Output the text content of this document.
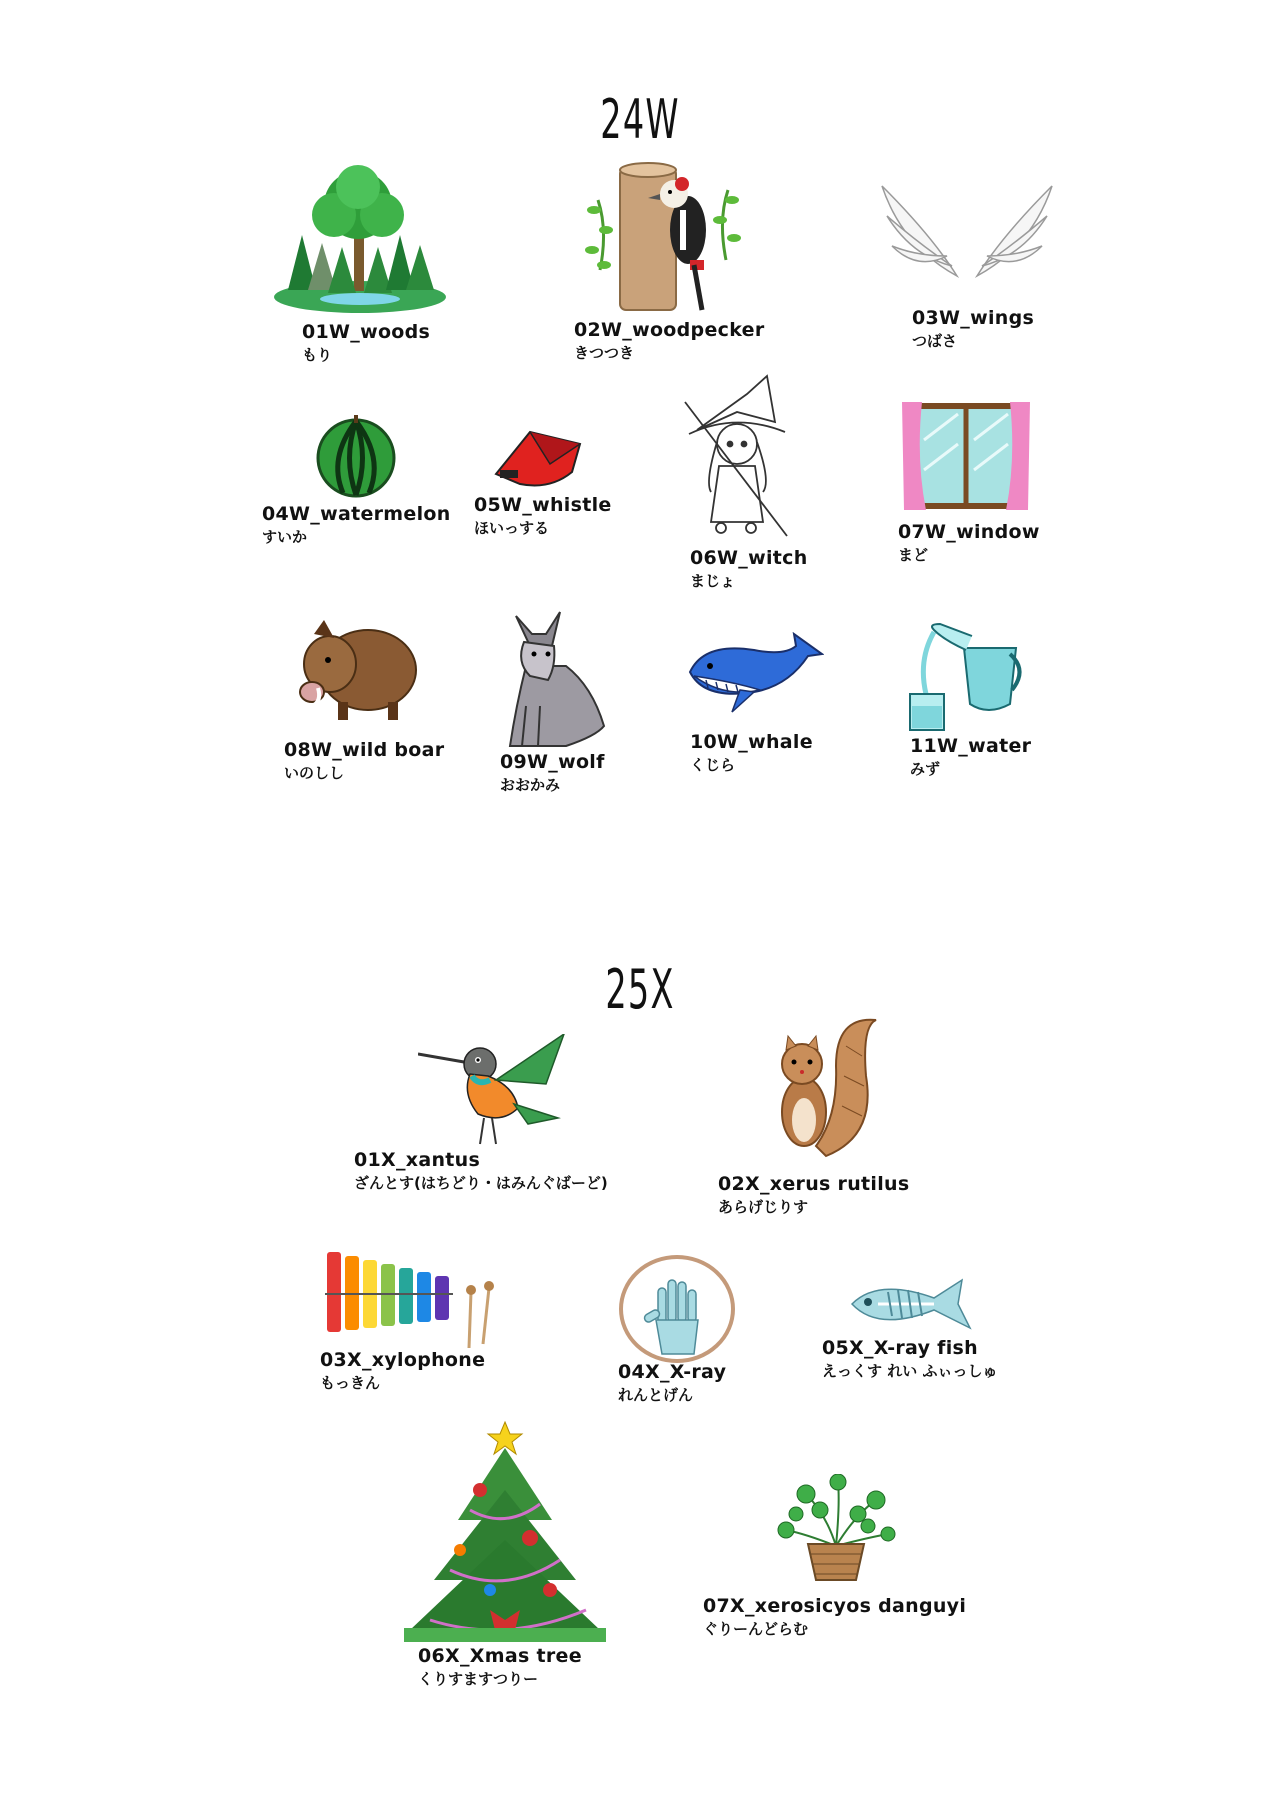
24W
01W_woods
もり
02W_woodpecker
きつつき
03W_wings
つばさ
04W_watermelon
すいか
05W_whistle
ほいっする
06W_witch
まじょ
07W_window
まど
08W_wild boar
いのしし	09W_wolf
おおかみ
10W_whale
くじら
11W_water
みず
25X
01X_xantus
ざんとす(はちどり・はみんぐばーど)	02X_xerus rutilus
あらげじりす
03X_xylophone
もっきん	04X_X-ray
れんとげん
05X_X-ray fish
えっくす れい ふぃっしゅ
06X_Xmas tree
くりすますつりー
07X_xerosicyos danguyi
ぐりーんどらむ
